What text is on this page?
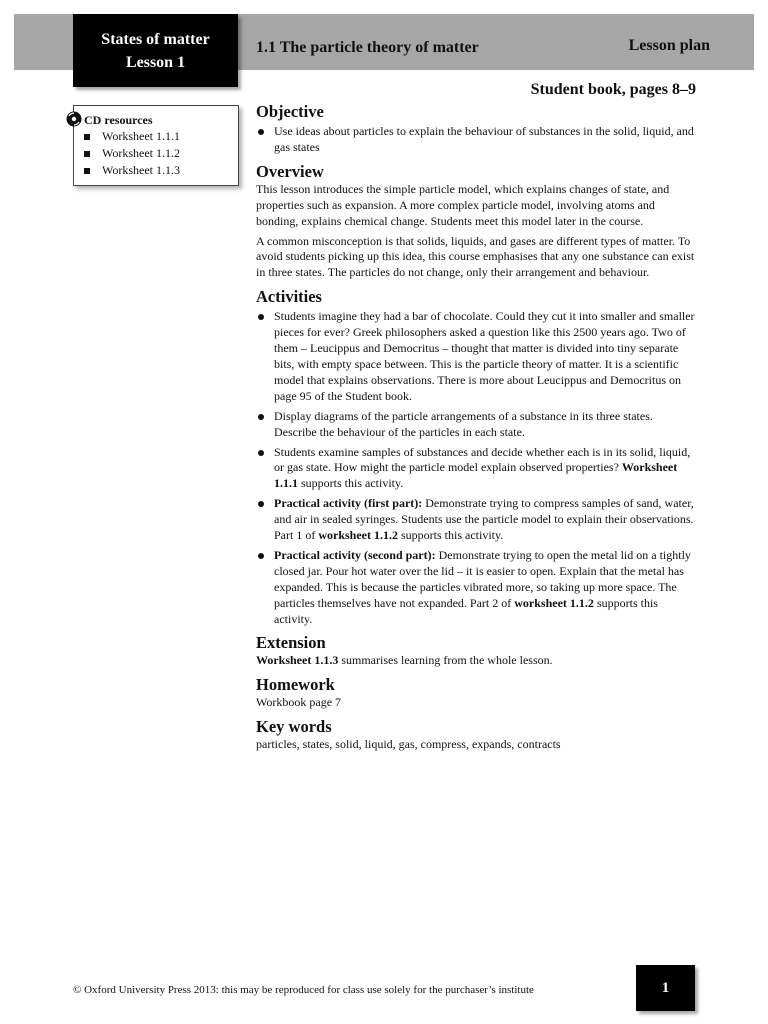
States of matter
Lesson 1
1.1 The particle theory of matter	Lesson plan
Student book, pages 8–9
CD resources
Worksheet 1.1.1
Worksheet 1.1.2
Worksheet 1.1.3
Objective
Use ideas about particles to explain the behaviour of substances in the solid, liquid, and gas states
Overview

This lesson introduces the simple particle model, which explains changes of state, and properties such as expansion. A more complex particle model, involving atoms and bonding, explains chemical change. Students meet this model later in the course.

A common misconception is that solids, liquids, and gases are different types of matter. To avoid students picking up this idea, this course emphasises that any one substance can exist in three states. The particles do not change, only their arrangement and behaviour.

Activities
Students imagine they had a bar of chocolate. Could they cut it into smaller and smaller pieces for ever? Greek philosophers asked a question like this 2500 years ago. Two of them – Leucippus and Democritus – thought that matter is divided into tiny separate bits, with empty space between. This is the particle theory of matter. It is a scientific model that explains observations. There is more about Leucippus and Democritus on page 95 of the Student book.
Display diagrams of the particle arrangements of a substance in its three states. Describe the behaviour of the particles in each state.
Students examine samples of substances and decide whether each is in its solid, liquid, or gas state. How might the particle model explain observed properties? Worksheet 1.1.1 supports this activity.
Practical activity (first part): Demonstrate trying to compress samples of sand, water, and air in sealed syringes. Students use the particle model to explain their observations. Part 1 of worksheet 1.1.2 supports this activity.
Practical activity (second part): Demonstrate trying to open the metal lid on a tightly closed jar. Pour hot water over the lid – it is easier to open. Explain that the metal has expanded. This is because the particles vibrated more, so taking up more space. The particles themselves have not expanded. Part 2 of worksheet 1.1.2 supports this activity.
Extension

Worksheet 1.1.3 summarises learning from the whole lesson.

Homework

Workbook page 7

Key words

particles, states, solid, liquid, gas, compress, expands, contracts

© Oxford University Press 2013: this may be reproduced for class use solely for the purchaser’s institute	1
